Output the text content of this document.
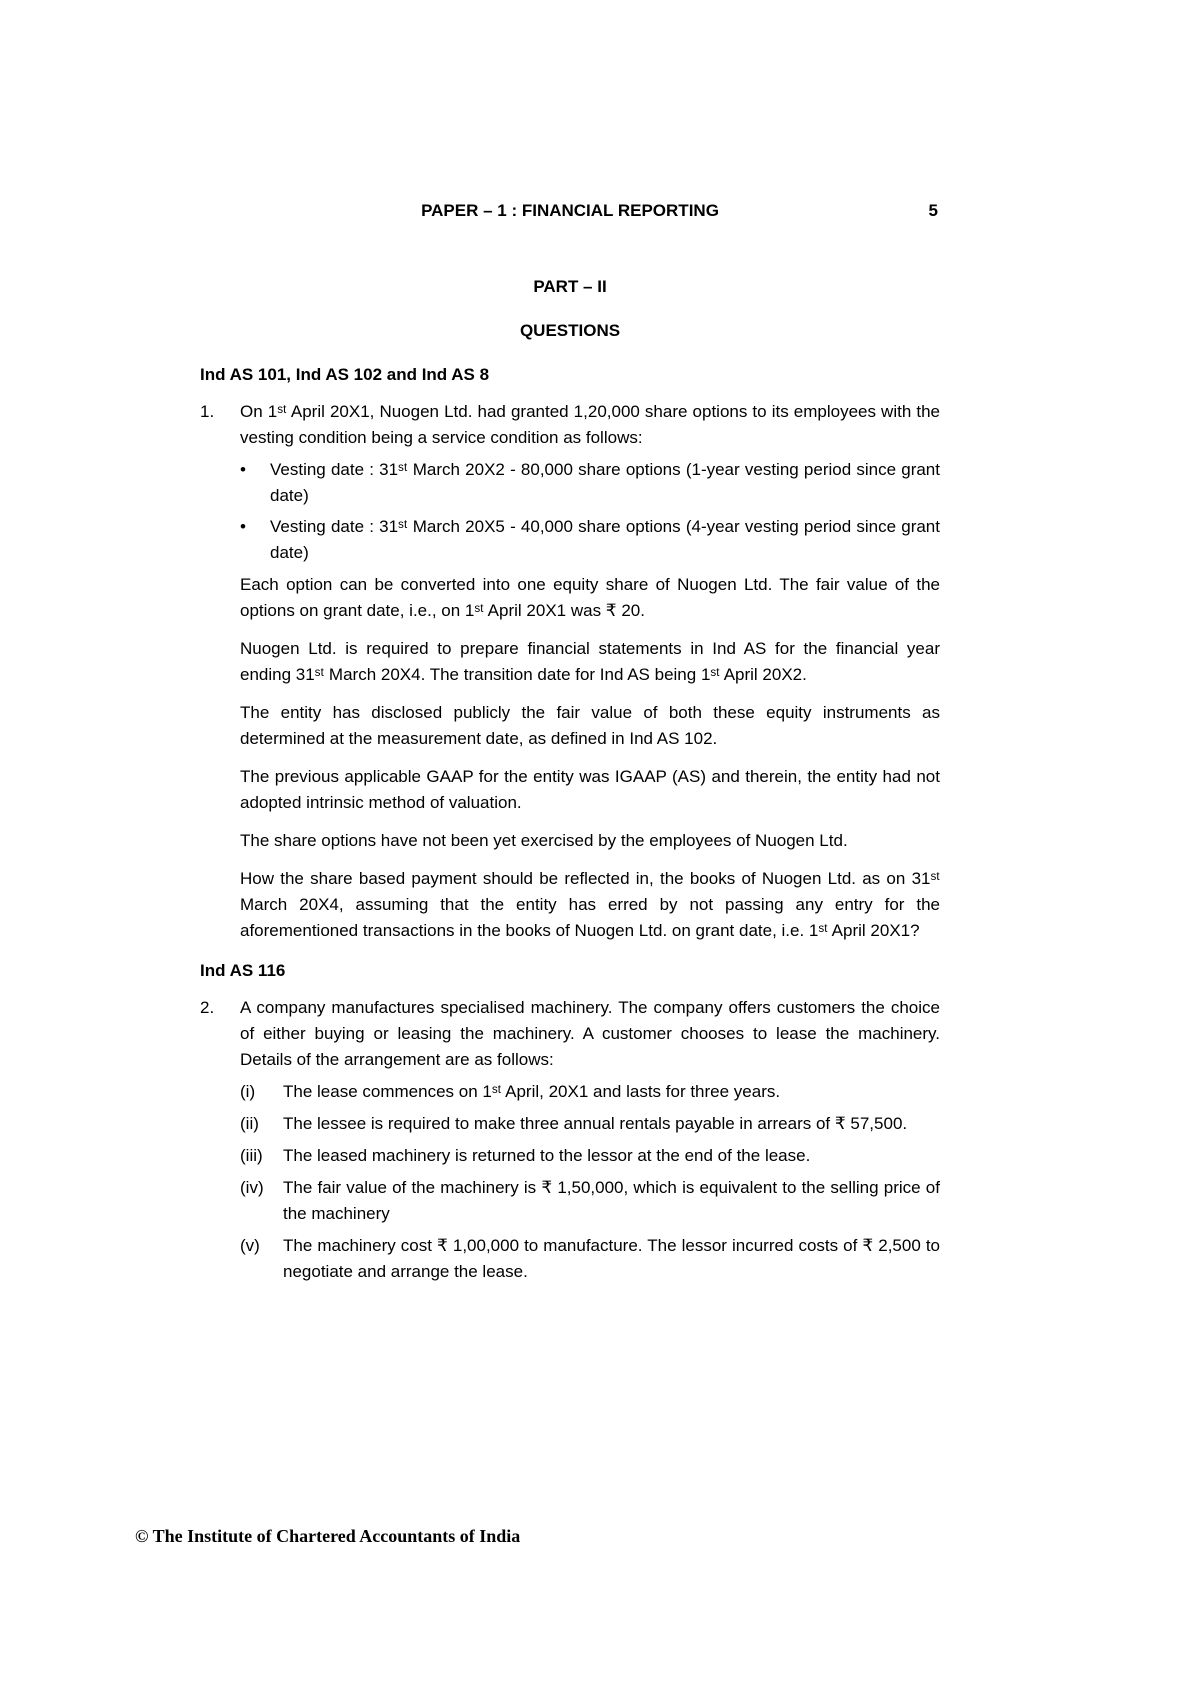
PAPER – 1 : FINANCIAL REPORTING	5
PART – II
QUESTIONS
Ind AS 101, Ind AS 102 and Ind AS 8
1.	On 1ˢᵗ April 20X1, Nuogen Ltd. had granted 1,20,000 share options to its employees with the vesting condition being a service condition as follows:

•	Vesting date : 31ˢᵗ March 20X2 - 80,000 share options (1-year vesting period since grant date)
•	Vesting date : 31ˢᵗ March 20X5 - 40,000 share options (4-year vesting period since grant date)

Each option can be converted into one equity share of Nuogen Ltd. The fair value of the options on grant date, i.e., on 1ˢᵗ April 20X1 was ₹ 20.

Nuogen Ltd. is required to prepare financial statements in Ind AS for the financial year ending 31ˢᵗ March 20X4. The transition date for Ind AS being 1ˢᵗ April 20X2.

The entity has disclosed publicly the fair value of both these equity instruments as determined at the measurement date, as defined in Ind AS 102.

The previous applicable GAAP for the entity was IGAAP (AS) and therein, the entity had not adopted intrinsic method of valuation.

The share options have not been yet exercised by the employees of Nuogen Ltd.

How the share based payment should be reflected in, the books of Nuogen Ltd. as on 31ˢᵗ March 20X4, assuming that the entity has erred by not passing any entry for the aforementioned transactions in the books of Nuogen Ltd. on grant date, i.e. 1ˢᵗ April 20X1?

Ind AS 116
2.	A company manufactures specialised machinery. The company offers customers the choice of either buying or leasing the machinery. A customer chooses to lease the machinery. Details of the arrangement are as follows:

(i)	The lease commences on 1ˢᵗ April, 20X1 and lasts for three years.
(ii)	The lessee is required to make three annual rentals payable in arrears of ₹ 57,500.
(iii)	The leased machinery is returned to the lessor at the end of the lease.
(iv)	The fair value of the machinery is ₹ 1,50,000, which is equivalent to the selling price of the machinery
(v)	The machinery cost ₹ 1,00,000 to manufacture. The lessor incurred costs of ₹ 2,500 to negotiate and arrange the lease.
© The Institute of Chartered Accountants of India
